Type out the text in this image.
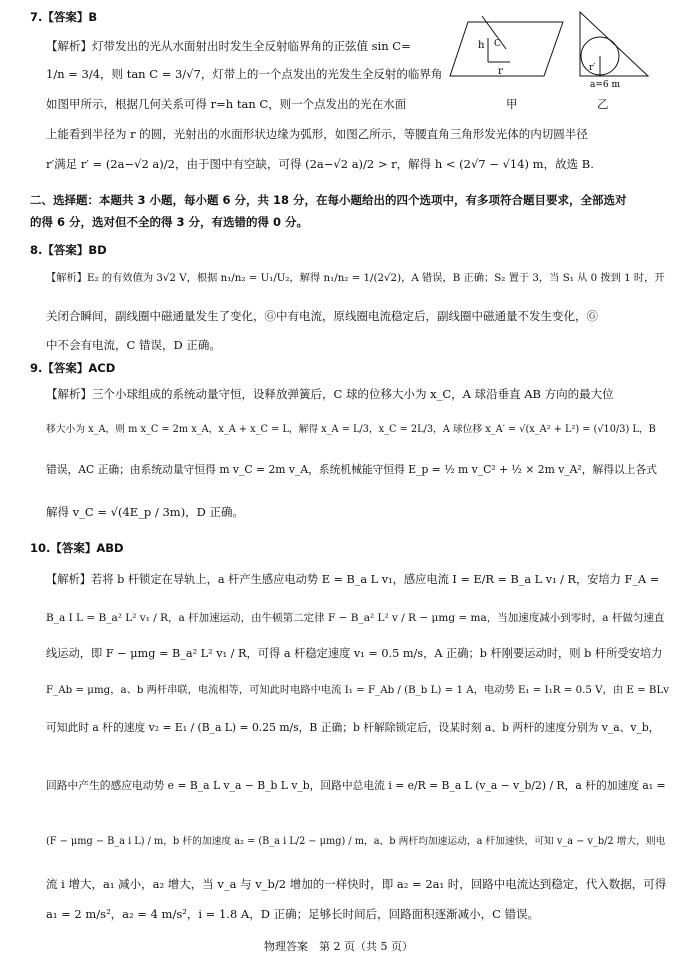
7.【答案】B
【解析】灯带发出的光从水面射出时发生全反射临界角的正弦值 sin C=
1/n = 3/4，则 tan C = 3/√7，灯带上的一个点发出的光发生全反射的临界角
如图甲所示，根据几何关系可得 r=h tan C，则一个点发出的光在水面
上能看到半径为 r 的圆，光射出的水面形状边缘为弧形，如图乙所示，等腰直角三角形发光体的内切圆半径
r′满足 r′ = (2a−√2 a)/2，由于图中有空缺，可得 (2a−√2 a)/2 > r，解得 h < (2√7 − √14) m，故选 B.
h C
r
甲
r′
a=6 m
乙
二、选择题：本题共 3 小题，每小题 6 分，共 18 分，在每小题给出的四个选项中，有多项符合题目要求，全部选对
的得 6 分，选对但不全的得 3 分，有选错的得 0 分。
8.【答案】BD
【解析】E₂ 的有效值为 3√2 V，根据 n₁/n₂ = U₁/U₂，解得 n₁/n₂ = 1/(2√2)，A 错误，B 正确；S₂ 置于 3，当 S₁ 从 0 拨到 1 时，开
关闭合瞬间，副线圈中磁通量发生了变化，Ⓖ中有电流，原线圈电流稳定后，副线圈中磁通量不发生变化，Ⓖ
中不会有电流，C 错误，D 正确。
9.【答案】ACD
【解析】三个小球组成的系统动量守恒，设释放弹簧后，C 球的位移大小为 x_C，A 球沿垂直 AB 方向的最大位
移大小为 x_A，则 m x_C = 2m x_A，x_A + x_C = L，解得 x_A = L/3，x_C = 2L/3，A 球位移 x_A′ = √(x_A² + L²) = (√10/3) L，B
错误，AC 正确；由系统动量守恒得 m v_C = 2m v_A，系统机械能守恒得 E_p = ½ m v_C² + ½ × 2m v_A²，解得以上各式
解得 v_C = √(4E_p / 3m)，D 正确。
10.【答案】ABD
【解析】若将 b 杆锁定在导轨上，a 杆产生感应电动势 E = B_a L v₁，感应电流 I = E/R = B_a L v₁ / R，安培力 F_A =
B_a I L = B_a² L² v₁ / R，a 杆加速运动，由牛顿第二定律 F − B_a² L² v / R − μmg = ma，当加速度减小到零时，a 杆做匀速直
线运动，即 F − μmg = B_a² L² v₁ / R，可得 a 杆稳定速度 v₁ = 0.5 m/s，A 正确；b 杆刚要运动时，则 b 杆所受安培力
F_Ab = μmg，a、b 两杆串联，电流相等，可知此时电路中电流 I₁ = F_Ab / (B_b L) = 1 A，电动势 E₁ = I₁R = 0.5 V，由 E = BLv
可知此时 a 杆的速度 v₂ = E₁ / (B_a L) = 0.25 m/s，B 正确；b 杆解除锁定后，设某时刻 a、b 两杆的速度分别为 v_a、v_b，
回路中产生的感应电动势 e = B_a L v_a − B_b L v_b，回路中总电流 i = e/R = B_a L (v_a − v_b/2) / R，a 杆的加速度 a₁ =
(F − μmg − B_a i L) / m，b 杆的加速度 a₂ = (B_a i L/2 − μmg) / m，a、b 两杆均加速运动，a 杆加速快，可知 v_a − v_b/2 增大，则电
流 i 增大，a₁ 减小，a₂ 增大，当 v_a 与 v_b/2 增加的一样快时，即 a₂ = 2a₁ 时，回路中电流达到稳定，代入数据，可得
a₁ = 2 m/s²，a₂ = 4 m/s²，i = 1.8 A，D 正确；足够长时间后，回路面积逐渐减小，C 错误。
物理答案　第 2 页（共 5 页）
